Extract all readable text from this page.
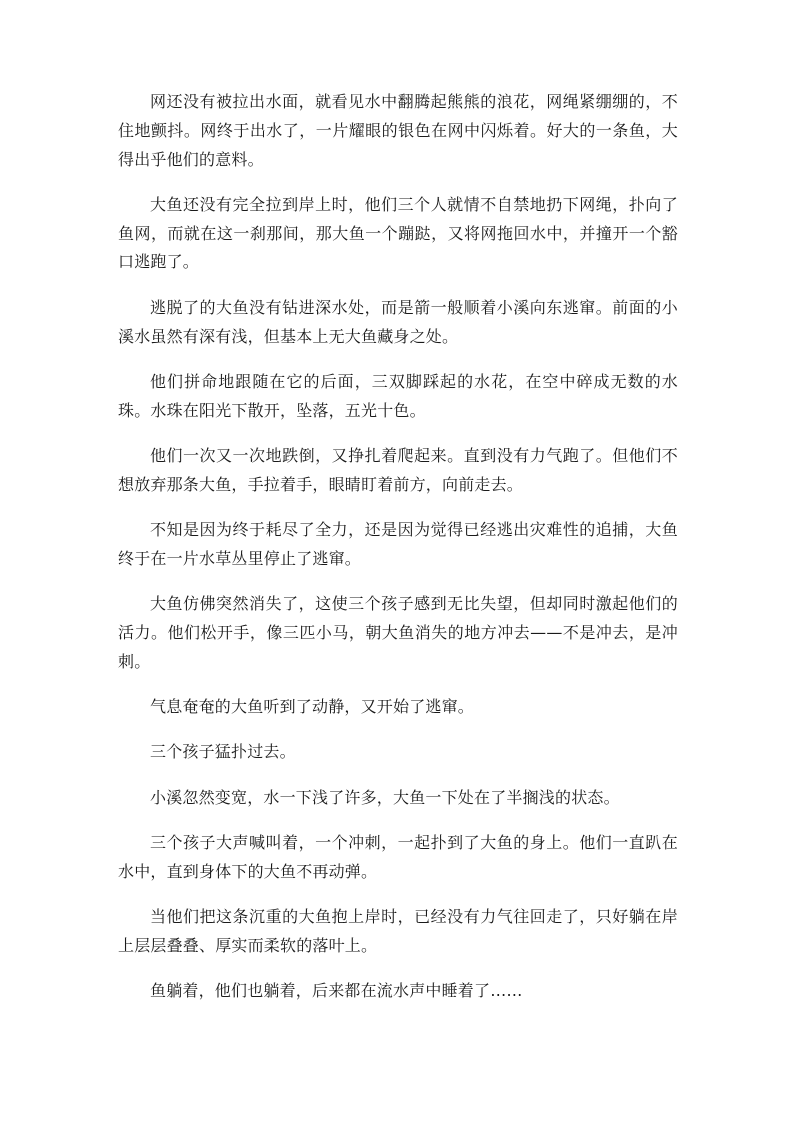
网还没有被拉出水面，就看见水中翻腾起熊熊的浪花，网绳紧绷绷的，不住地颤抖。网终于出水了，一片耀眼的银色在网中闪烁着。好大的一条鱼，大得出乎他们的意料。

大鱼还没有完全拉到岸上时，他们三个人就情不自禁地扔下网绳，扑向了鱼网，而就在这一刹那间，那大鱼一个蹦跶，又将网拖回水中，并撞开一个豁口逃跑了。

逃脱了的大鱼没有钻进深水处，而是箭一般顺着小溪向东逃窜。前面的小溪水虽然有深有浅，但基本上无大鱼藏身之处。

他们拼命地跟随在它的后面，三双脚踩起的水花，在空中碎成无数的水珠。水珠在阳光下散开，坠落，五光十色。

他们一次又一次地跌倒，又挣扎着爬起来。直到没有力气跑了。但他们不想放弃那条大鱼，手拉着手，眼睛盯着前方，向前走去。

不知是因为终于耗尽了全力，还是因为觉得已经逃出灾难性的追捕，大鱼终于在一片水草丛里停止了逃窜。

大鱼仿佛突然消失了，这使三个孩子感到无比失望，但却同时激起他们的活力。他们松开手，像三匹小马，朝大鱼消失的地方冲去——不是冲去，是冲刺。

气息奄奄的大鱼听到了动静，又开始了逃窜。

三个孩子猛扑过去。

小溪忽然变宽，水一下浅了许多，大鱼一下处在了半搁浅的状态。

三个孩子大声喊叫着，一个冲刺，一起扑到了大鱼的身上。他们一直趴在水中，直到身体下的大鱼不再动弹。

当他们把这条沉重的大鱼抱上岸时，已经没有力气往回走了，只好躺在岸上层层叠叠、厚实而柔软的落叶上。

鱼躺着，他们也躺着，后来都在流水声中睡着了……
